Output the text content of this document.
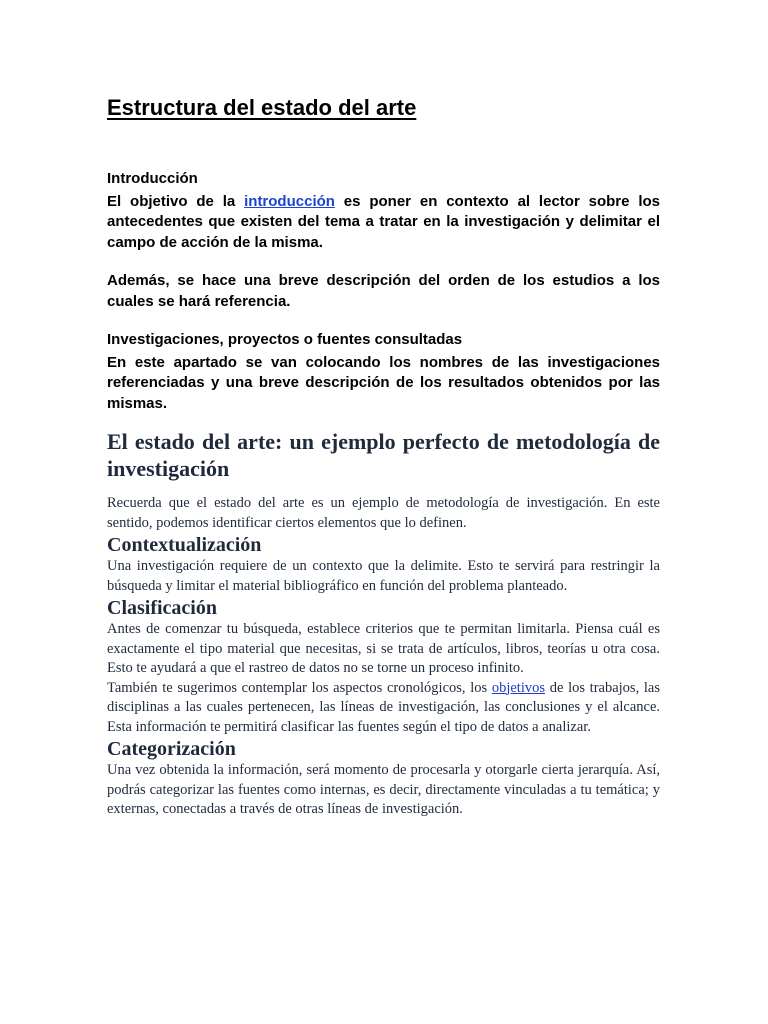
Estructura del estado del arte
Introducción

El objetivo de la introducción es poner en contexto al lector sobre los antecedentes que existen del tema a tratar en la investigación y delimitar el campo de acción de la misma.

Además, se hace una breve descripción del orden de los estudios a los cuales se hará referencia.

Investigaciones, proyectos o fuentes consultadas

En este apartado se van colocando los nombres de las investigaciones referenciadas y una breve descripción de los resultados obtenidos por las mismas.

El estado del arte: un ejemplo perfecto de metodología de investigación

Recuerda que el estado del arte es un ejemplo de metodología de investigación. En este sentido, podemos identificar ciertos elementos que lo definen.

Contextualización

Una investigación requiere de un contexto que la delimite. Esto te servirá para restringir la búsqueda y limitar el material bibliográfico en función del problema planteado.

Clasificación

Antes de comenzar tu búsqueda, establece criterios que te permitan limitarla. Piensa cuál es exactamente el tipo material que necesitas, si se trata de artículos, libros, teorías u otra cosa. Esto te ayudará a que el rastreo de datos no se torne un proceso infinito.

También te sugerimos contemplar los aspectos cronológicos, los objetivos de los trabajos, las disciplinas a las cuales pertenecen, las líneas de investigación, las conclusiones y el alcance. Esta información te permitirá clasificar las fuentes según el tipo de datos a analizar.

Categorización

Una vez obtenida la información, será momento de procesarla y otorgarle cierta jerarquía. Así, podrás categorizar las fuentes como internas, es decir, directamente vinculadas a tu temática; y externas, conectadas a través de otras líneas de investigación.
